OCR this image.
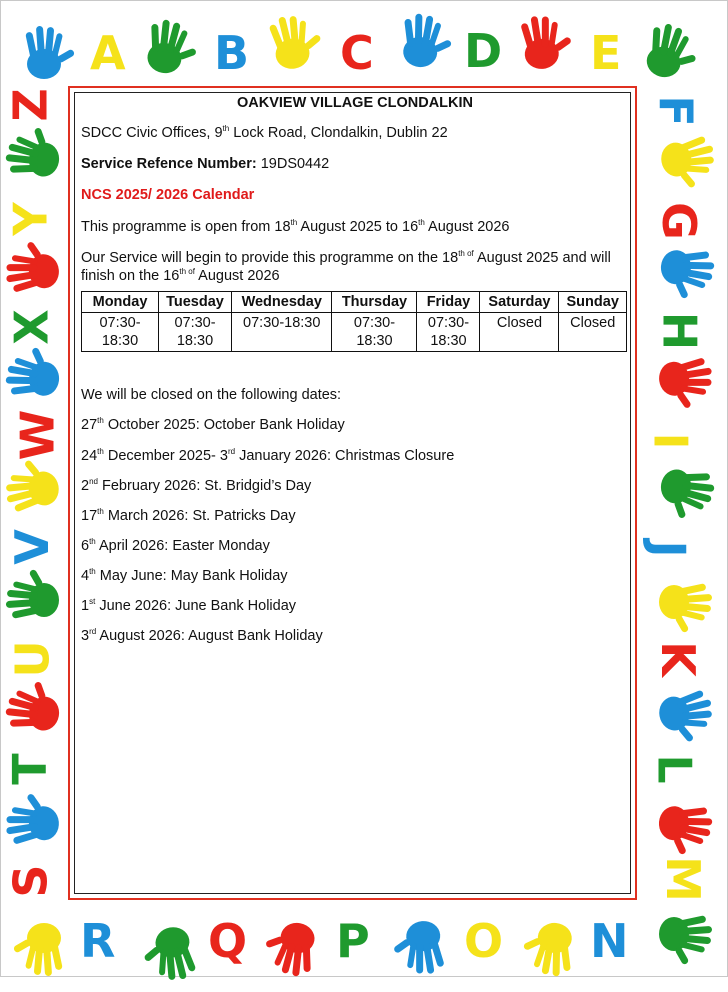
A B C D E
F
G
H
I
J
K
L
M
R Q P O N
Z
Y
X
W
V
U
T
S
OAKVIEW VILLAGE CLONDALKIN

SDCC Civic Offices, 9th Lock Road, Clondalkin, Dublin 22

Service Refence Number: 19DS0442

NCS 2025/ 2026 Calendar

This programme is open from 18th August 2025 to 16th August 2026

Our Service will begin to provide this programme on the $18^{th of}$ August 2025 and will finish on the $16^{th of}$ August 2026

Monday	Tuesday	Wednesday	Thursday	Friday	Saturday	Sunday
07:30-
18:30	07:30-
18:30	07:30-18:30	07:30-
18:30	07:30-
18:30	Closed	Closed

We will be closed on the following dates:

27th October 2025: October Bank Holiday

24th December 2025- 3rd January 2026: Christmas Closure

2nd February 2026: St. Bridgid’s Day

17th March 2026: St. Patricks Day

6th April 2026: Easter Monday

4th May June: May Bank Holiday

1st June 2026: June Bank Holiday

3rd August 2026: August Bank Holiday
